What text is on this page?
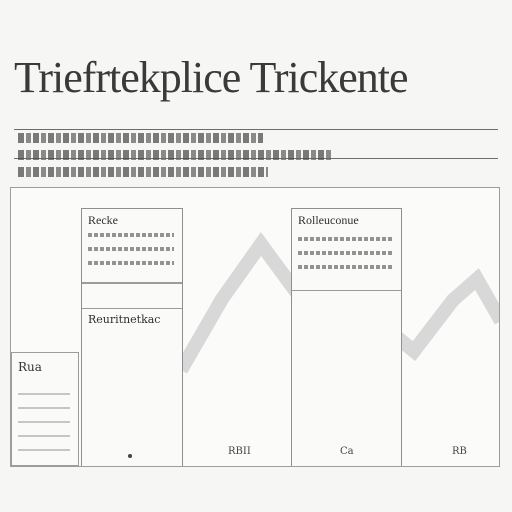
Triefrtekplice Trickente
Recke
Reuritnetkac
Rolleuconue
RBII	Ca	RB
Rua
